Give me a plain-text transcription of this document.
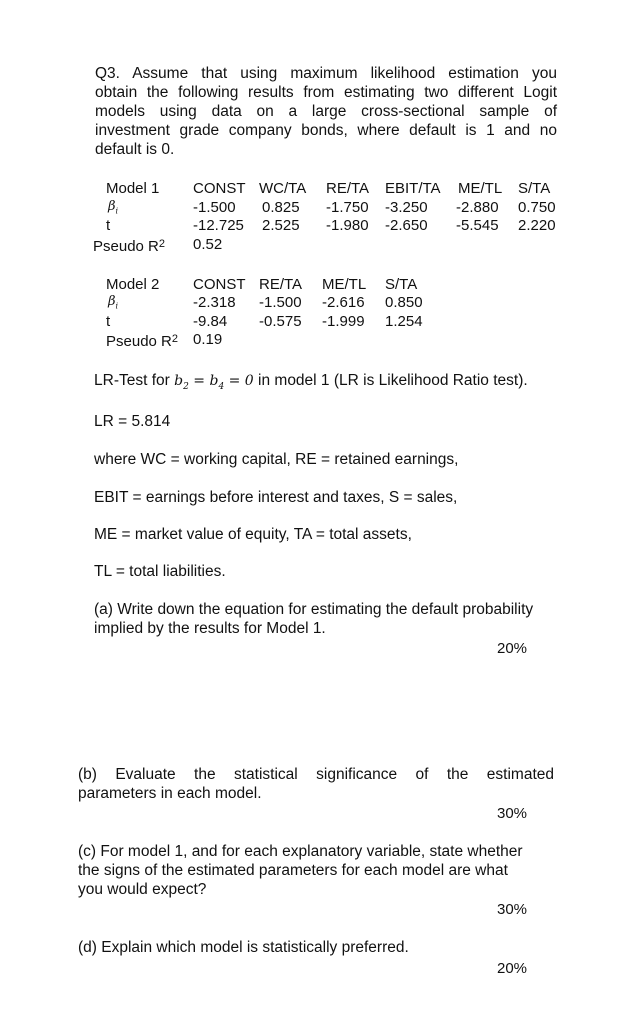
Q3. Assume that using maximum likelihood estimation you
obtain the following results from estimating two different Logit
models using data on a large cross-sectional sample of
investment grade company bonds, where default is 1 and no
default is 0.
Model 1 CONST WC/TA RE/TA EBIT/TA ME/TL S/TA
$\beta_i$	-1.500 0.825 -1.750 -3.250 -2.880 0.750
t	-12.725 2.525 -1.980 -2.650 -5.545 2.220
Pseudo $R^2$ 0.52
Model 2 CONST RE/TA ME/TL S/TA
$\beta_i$	-2.318 -1.500 -2.616 0.850
t	-9.84 -0.575 -1.999 1.254
Pseudo $R^2$ 0.19

LR-Test for $b_2 = b_4 = 0$ in model 1 (LR is Likelihood Ratio test).

LR = 5.814

where WC = working capital, RE = retained earnings,

EBIT = earnings before interest and taxes, S = sales,

ME = market value of equity, TA = total assets,

TL = total liabilities.

(a) Write down the equation for estimating the default probability
implied by the results for Model 1.
20%
(b) Evaluate the statistical significance of the estimated
parameters in each model.
30%
(c) For model 1, and for each explanatory variable, state whether
the signs of the estimated parameters for each model are what
you would expect?
30%
(d) Explain which model is statistically preferred.
20%
